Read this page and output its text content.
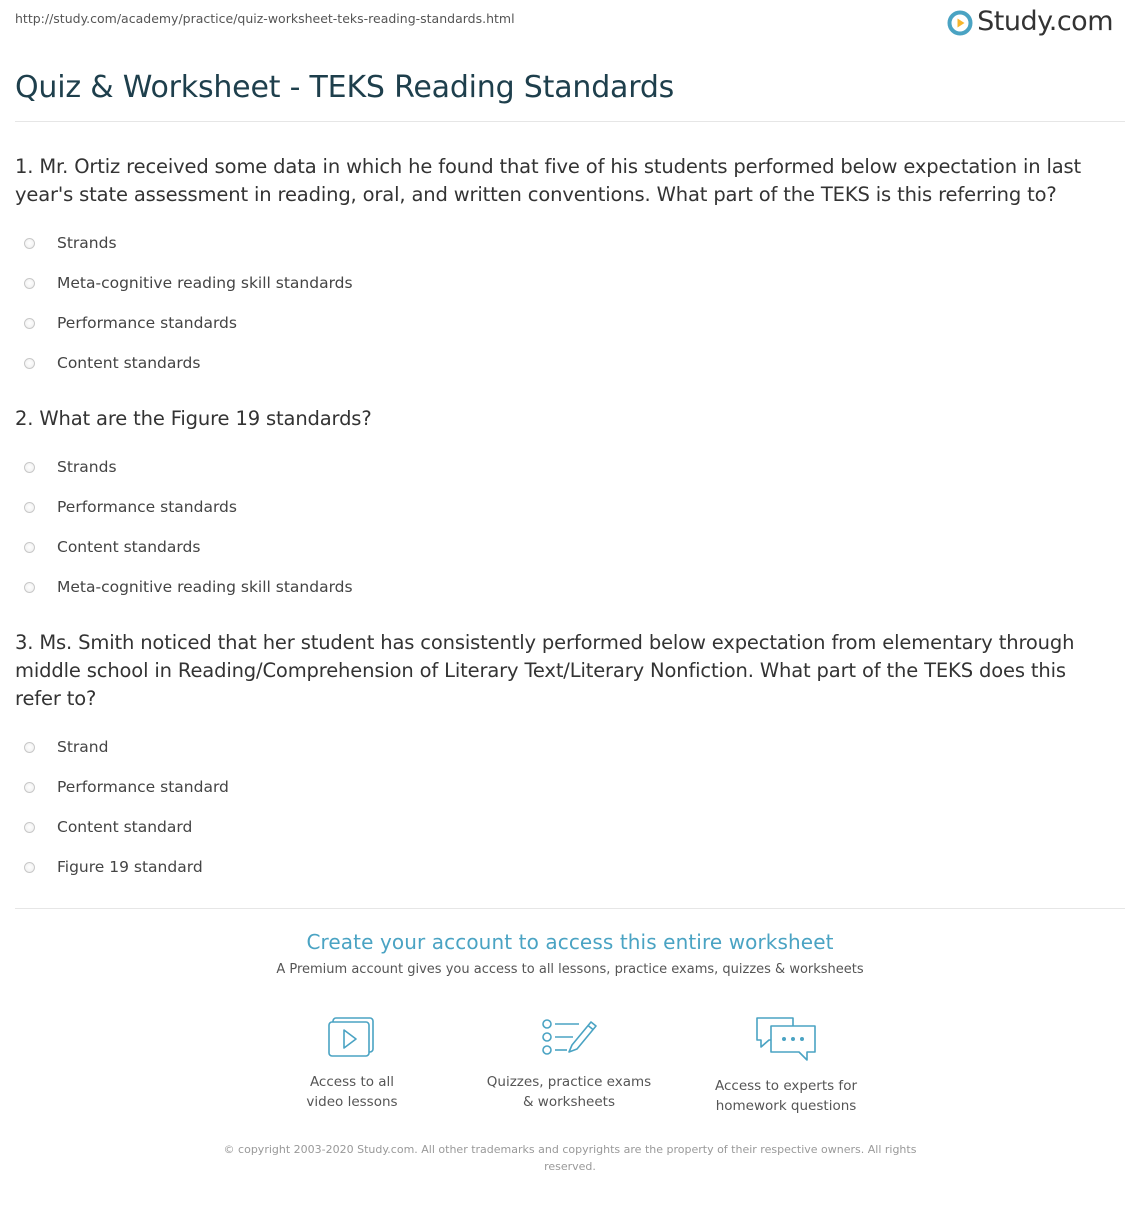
http://study.com/academy/practice/quiz-worksheet-teks-reading-standards.html	Study.com
Quiz & Worksheet - TEKS Reading Standards

1. Mr. Ortiz received some data in which he found that five of his students performed below expectation in last year's state assessment in reading, oral, and written conventions. What part of the TEKS is this referring to?

Strands
Meta-cognitive reading skill standards
Performance standards
Content standards

2. What are the Figure 19 standards?

Strands
Performance standards
Content standards
Meta-cognitive reading skill standards

3. Ms. Smith noticed that her student has consistently performed below expectation from elementary through middle school in Reading/Comprehension of Literary Text/Literary Nonfiction. What part of the TEKS does this refer to?

Strand
Performance standard
Content standard
Figure 19 standard
Create your account to access this entire worksheet
A Premium account gives you access to all lessons, practice exams, quizzes & worksheets
Access to all
video lessons
Quizzes, practice exams
& worksheets
Access to experts for
homework questions
© copyright 2003-2020 Study.com. All other trademarks and copyrights are the property of their respective owners. All rights
reserved.
